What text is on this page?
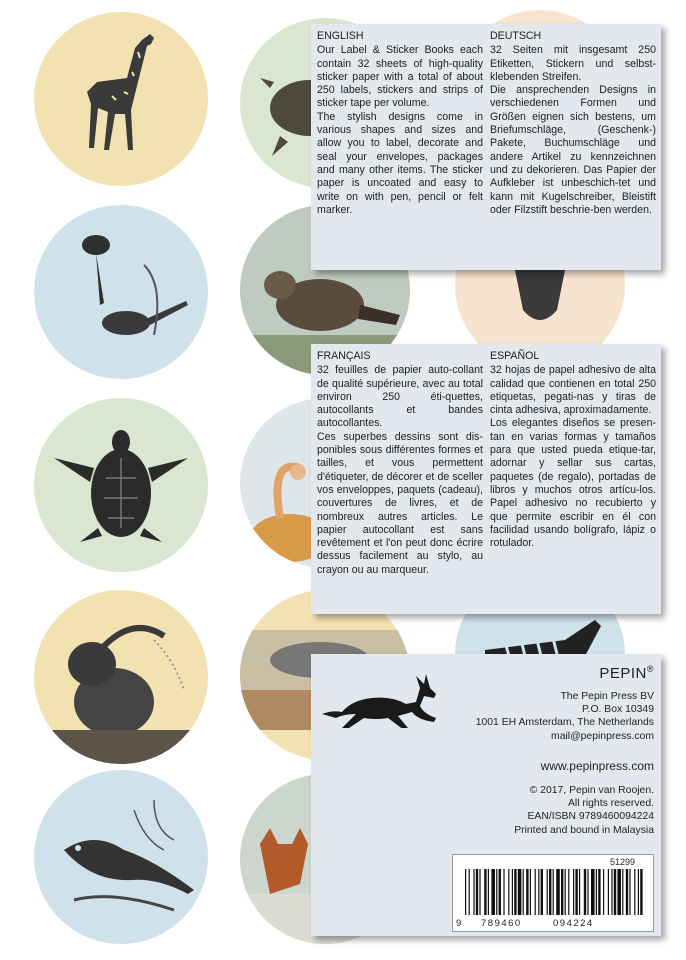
ENGLISH

Our Label & Sticker Books each contain 32 sheets of high-quality sticker paper with a total of about 250 labels, stickers and strips of sticker tape per volume.

The stylish designs come in various shapes and sizes and allow you to label, decorate and seal your envelopes, packages and many other items. The sticker paper is uncoated and easy to write on with pen, pencil or felt marker.

DEUTSCH

32 Seiten mit insgesamt 250 Etiketten, Stickern und selbst-klebenden Streifen.

Die ansprechenden Designs in verschiedenen Formen und Größen eignen sich bestens, um Briefumschläge, (Geschenk-) Pakete, Buchumschläge und andere Artikel zu kennzeichnen und zu dekorieren. Das Papier der Aufkleber ist unbeschich-tet und kann mit Kugelschreiber, Bleistift oder Filzstift beschrie-ben werden.

FRANÇAIS

32 feuilles de papier auto-collant de qualité supérieure, avec au total environ 250 éti-quettes, autocollants et bandes autocollantes.

Ces superbes dessins sont dis-ponibles sous différentes formes et tailles, et vous permettent d'étiqueter, de décorer et de sceller vos enveloppes, paquets (cadeau), couvertures de livres, et de nombreux autres articles. Le papier autocollant est sans revêtement et l'on peut donc écrire dessus facilement au stylo, au crayon ou au marqueur.

ESPAÑOL

32 hojas de papel adhesivo de alta calidad que contienen en total 250 etiquetas, pegati-nas y tiras de cinta adhesiva, aproximadamente.

Los elegantes diseños se presen-tan en varias formas y tamaños para que usted pueda etique-tar, adornar y sellar sus cartas, paquetes (de regalo), portadas de libros y muchos otros artícu-los. Papel adhesivo no recubierto y que permite escribir en él con facilidad usando bolígrafo, lápiz o rotulador.

PEPIN®
The Pepin Press BV
P.O. Box 10349
1001 EH Amsterdam, The Netherlands
mail@pepinpress.com
www.pepinpress.com
© 2017, Pepin van Roojen.
All rights reserved.
EAN/ISBN 9789460094224
Printed and bound in Malaysia
51299
9 789460	094224
